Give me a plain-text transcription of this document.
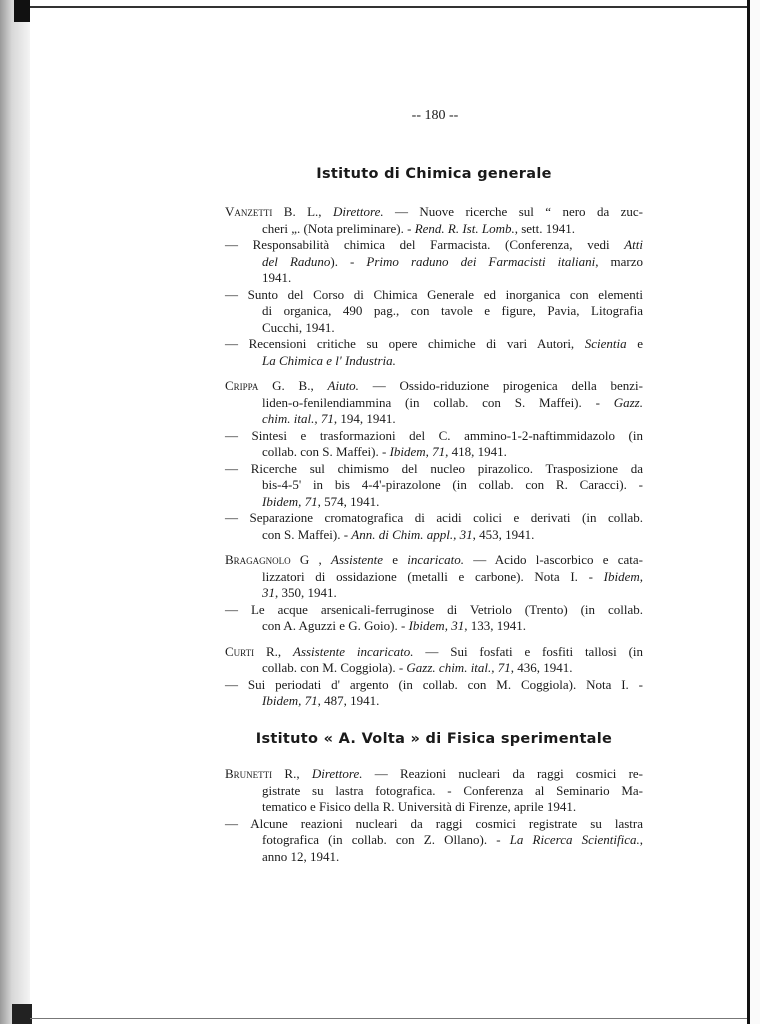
-- 180 --
Istituto di Chimica generale
Vanzetti B. L., Direttore. — Nuove ricerche sul “ nero da zuc-
cheri „. (Nota preliminare). - Rend. R. Ist. Lomb., sett. 1941.
— Responsabilità chimica del Farmacista. (Conferenza, vedi Atti
del Raduno). - Primo raduno dei Farmacisti italiani, marzo
1941.
— Sunto del Corso di Chimica Generale ed inorganica con elementi
di organica, 490 pag., con tavole e figure, Pavia, Litografia
Cucchi, 1941.
— Recensioni critiche su opere chimiche di vari Autori, Scientia e
La Chimica e l' Industria.
Crippa G. B., Aiuto. — Ossido-riduzione pirogenica della benzi-
liden-o-fenilendiammina (in collab. con S. Maffei). - Gazz.
chim. ital., 71, 194, 1941.
— Sintesi e trasformazioni del C. ammino-1-2-naftimmidazolo (in
collab. con S. Maffei). - Ibidem, 71, 418, 1941.
— Ricerche sul chimismo del nucleo pirazolico. Trasposizione da
bis-4-5' in bis 4-4'-pirazolone (in collab. con R. Caracci). -
Ibidem, 71, 574, 1941.
— Separazione cromatografica di acidi colici e derivati (in collab.
con S. Maffei). - Ann. di Chim. appl., 31, 453, 1941.
Bragagnolo G , Assistente e incaricato. — Acido l-ascorbico e cata-
lizzatori di ossidazione (metalli e carbone). Nota I. - Ibidem,
31, 350, 1941.
— Le acque arsenicali-ferruginose di Vetriolo (Trento) (in collab.
con A. Aguzzi e G. Goio). - Ibidem, 31, 133, 1941.
Curti R., Assistente incaricato. — Sui fosfati e fosfiti tallosi (in
collab. con M. Coggiola). - Gazz. chim. ital., 71, 436, 1941.
— Sui periodati d' argento (in collab. con M. Coggiola). Nota I. -
Ibidem, 71, 487, 1941.
Istituto « A. Volta » di Fisica sperimentale
Brunetti R., Direttore. — Reazioni nucleari da raggi cosmici re-
gistrate su lastra fotografica. - Conferenza al Seminario Ma-
tematico e Fisico della R. Università di Firenze, aprile 1941.
— Alcune reazioni nucleari da raggi cosmici registrate su lastra
fotografica (in collab. con Z. Ollano). - La Ricerca Scientifica.,
anno 12, 1941.
